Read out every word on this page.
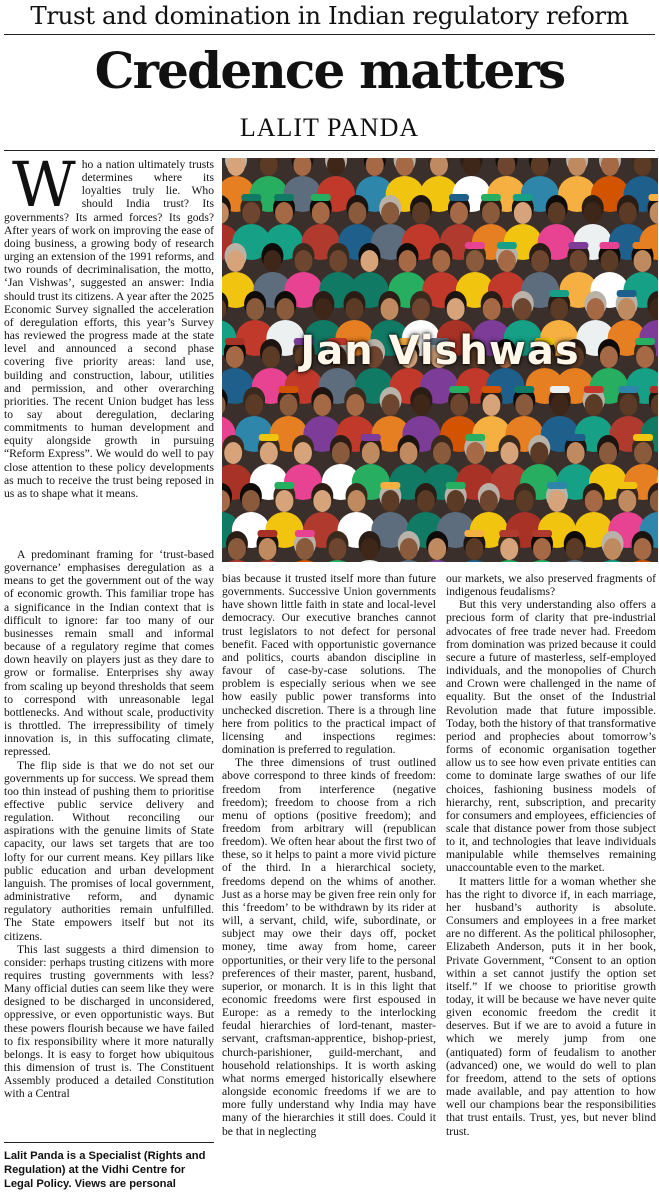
Trust and domination in Indian regulatory reform
Credence matters
LALIT PANDA

Who a nation ultimately trusts determines where its loyalties truly lie. Who should India trust? Its governments? Its armed forces? Its gods? After years of work on improving the ease of doing business, a growing body of research urging an extension of the 1991 reforms, and two rounds of decriminalisation, the motto, ‘Jan Vishwas’, suggested an answer: India should trust its citizens. A year after the 2025 Economic Survey signalled the acceleration of deregulation efforts, this year’s Survey has reviewed the progress made at the state level and announced a second phase covering five priority areas: land use, building and construction, labour, utilities and permission, and other overarching priorities. The recent Union budget has less to say about deregulation, declaring commitments to human development and equity alongside growth in pursuing “Reform Express”. We would do well to pay close attention to these policy developments as much to receive the trust being reposed in us as to shape what it means.

Jan Vishwas

A predominant framing for ‘trust-based governance’ emphasises deregulation as a means to get the government out of the way of economic growth. This familiar trope has a significance in the Indian context that is difficult to ignore: far too many of our businesses remain small and informal because of a regulatory regime that comes down heavily on players just as they dare to grow or formalise. Enterprises shy away from scaling up beyond thresholds that seem to correspond with unreasonable legal bottlenecks. And without scale, productivity is throttled. The irrepressibility of timely innovation is, in this suffocating climate, repressed.

The flip side is that we do not set our governments up for success. We spread them too thin instead of pushing them to prioritise effective public service delivery and regulation. Without reconciling our aspirations with the genuine limits of State capacity, our laws set targets that are too lofty for our current means. Key pillars like public education and urban development languish. The promises of local government, administrative reform, and dynamic regulatory authorities remain unfulfilled. The State empowers itself but not its citizens.

This last suggests a third dimension to consider: perhaps trusting citizens with more requires trusting governments with less? Many official duties can seem like they were designed to be discharged in unconsidered, oppressive, or even opportunistic ways. But these powers flourish because we have failed to fix responsibility where it more naturally belongs. It is easy to forget how ubiquitous this dimension of trust is. The Constituent Assembly produced a detailed Constitution with a Central

bias because it trusted itself more than future governments. Successive Union governments have shown little faith in state and local-level democracy. Our executive branches cannot trust legislators to not defect for personal benefit. Faced with opportunistic governance and politics, courts abandon discipline in favour of case-by-case solutions. The problem is especially serious when we see how easily public power transforms into unchecked discretion. There is a through line here from politics to the practical impact of licensing and inspections regimes: domination is preferred to regulation.

The three dimensions of trust outlined above correspond to three kinds of freedom: freedom from interference (negative freedom); freedom to choose from a rich menu of options (positive freedom); and freedom from arbitrary will (republican freedom). We often hear about the first two of these, so it helps to paint a more vivid picture of the third. In a hierarchical society, freedoms depend on the whims of another. Just as a horse may be given free rein only for this ‘freedom’ to be withdrawn by its rider at will, a servant, child, wife, subordinate, or subject may owe their days off, pocket money, time away from home, career opportunities, or their very life to the personal preferences of their master, parent, husband, superior, or monarch. It is in this light that economic freedoms were first espoused in Europe: as a remedy to the interlocking feudal hierarchies of lord-tenant, master-servant, craftsman-apprentice, bishop-priest, church-parishioner, guild-merchant, and household relationships. It is worth asking what norms emerged historically elsewhere alongside economic freedoms if we are to more fully understand why India may have many of the hierarchies it still does. Could it be that in neglecting

our markets, we also preserved fragments of indigenous feudalisms?

But this very understanding also offers a precious form of clarity that pre-industrial advocates of free trade never had. Freedom from domination was prized because it could secure a future of masterless, self-employed individuals, and the monopolies of Church and Crown were challenged in the name of equality. But the onset of the Industrial Revolution made that future impossible. Today, both the history of that transformative period and prophecies about tomorrow’s forms of economic organisation together allow us to see how even private entities can come to dominate large swathes of our life choices, fashioning business models of hierarchy, rent, subscription, and precarity for consumers and employees, efficiencies of scale that distance power from those subject to it, and technologies that leave individuals manipulable while themselves remaining unaccountable even to the market.

It matters little for a woman whether she has the right to divorce if, in each marriage, her husband’s authority is absolute. Consumers and employees in a free market are no different. As the political philosopher, Elizabeth Anderson, puts it in her book, Private Government, “Consent to an option within a set cannot justify the option set itself.” If we choose to prioritise growth today, it will be because we have never quite given economic freedom the credit it deserves. But if we are to avoid a future in which we merely jump from one (antiquated) form of feudalism to another (advanced) one, we would do well to plan for freedom, attend to the sets of options made available, and pay attention to how well our champions bear the responsibilities that trust entails. Trust, yes, but never blind trust.

Lalit Panda is a Specialist (Rights and Regulation) at the Vidhi Centre for Legal Policy. Views are personal
